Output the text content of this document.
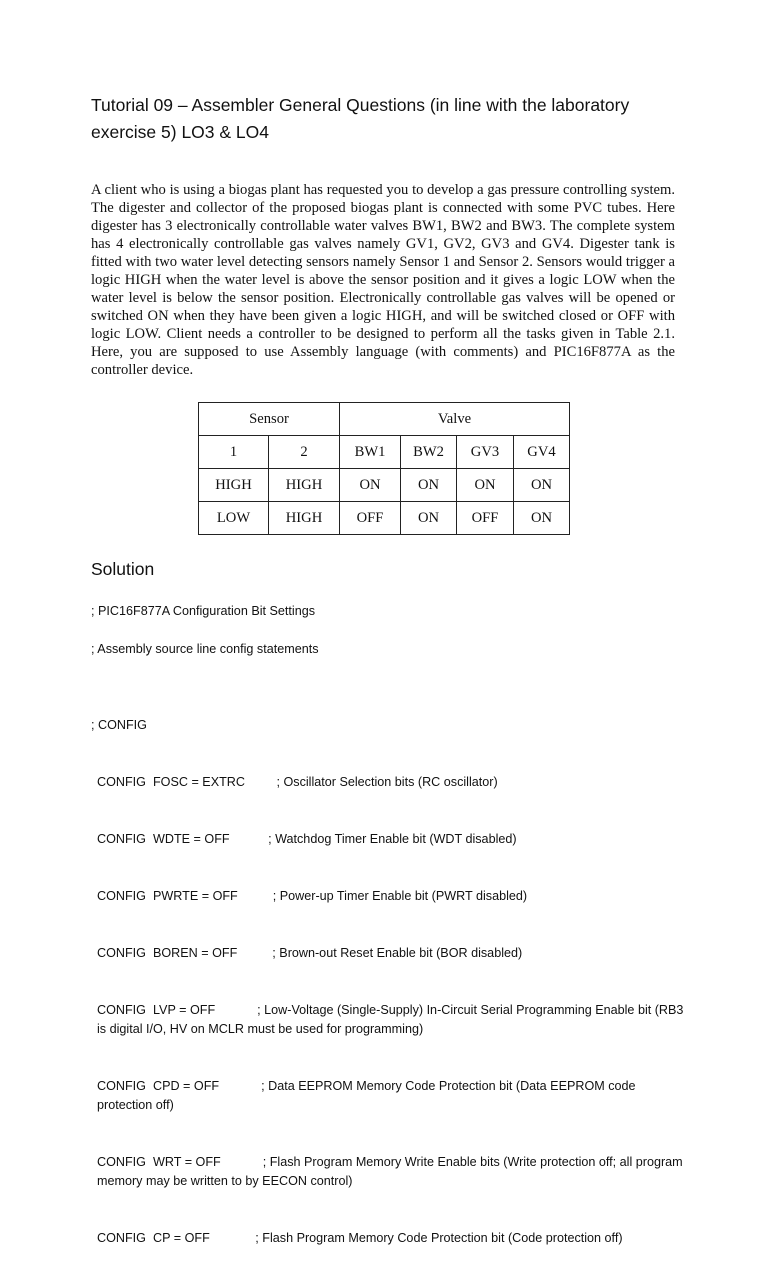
Tutorial 09 – Assembler General Questions (in line with the laboratory exercise 5) LO3 & LO4

A client who is using a biogas plant has requested you to develop a gas pressure controlling system. The digester and collector of the proposed biogas plant is connected with some PVC tubes. Here digester has 3 electronically controllable water valves BW1, BW2 and BW3. The complete system has 4 electronically controllable gas valves namely GV1, GV2, GV3 and GV4. Digester tank is fitted with two water level detecting sensors namely Sensor 1 and Sensor 2. Sensors would trigger a logic HIGH when the water level is above the sensor position and it gives a logic LOW when the water level is below the sensor position. Electronically controllable gas valves will be opened or switched ON when they have been given a logic HIGH, and will be switched closed or OFF with logic LOW. Client needs a controller to be designed to perform all the tasks given in Table 2.1. Here, you are supposed to use Assembly language (with comments) and PIC16F877A as the controller device.

Sensor		Valve			
1	2	BW1	BW2	GV3	GV4
HIGH	HIGH	ON	ON	ON	ON
LOW	HIGH	OFF	ON	OFF	ON
Solution
; PIC16F877A Configuration Bit Settings
; Assembly source line config statements

; CONFIG

CONFIG  FOSC = EXTRC	; Oscillator Selection bits (RC oscillator)

CONFIG  WDTE = OFF	; Watchdog Timer Enable bit (WDT disabled)

CONFIG  PWRTE = OFF	; Power-up Timer Enable bit (PWRT disabled)

CONFIG  BOREN = OFF	; Brown-out Reset Enable bit (BOR disabled)

CONFIG  LVP = OFF	; Low-Voltage (Single-Supply) In-Circuit Serial Programming Enable bit (RB3 is digital I/O, HV on MCLR must be used for programming)

CONFIG  CPD = OFF	; Data EEPROM Memory Code Protection bit (Data EEPROM code protection off)

CONFIG  WRT = OFF	; Flash Program Memory Write Enable bits (Write protection off; all program memory may be written to by EECON control)

CONFIG  CP = OFF	; Flash Program Memory Code Protection bit (Code protection off)
